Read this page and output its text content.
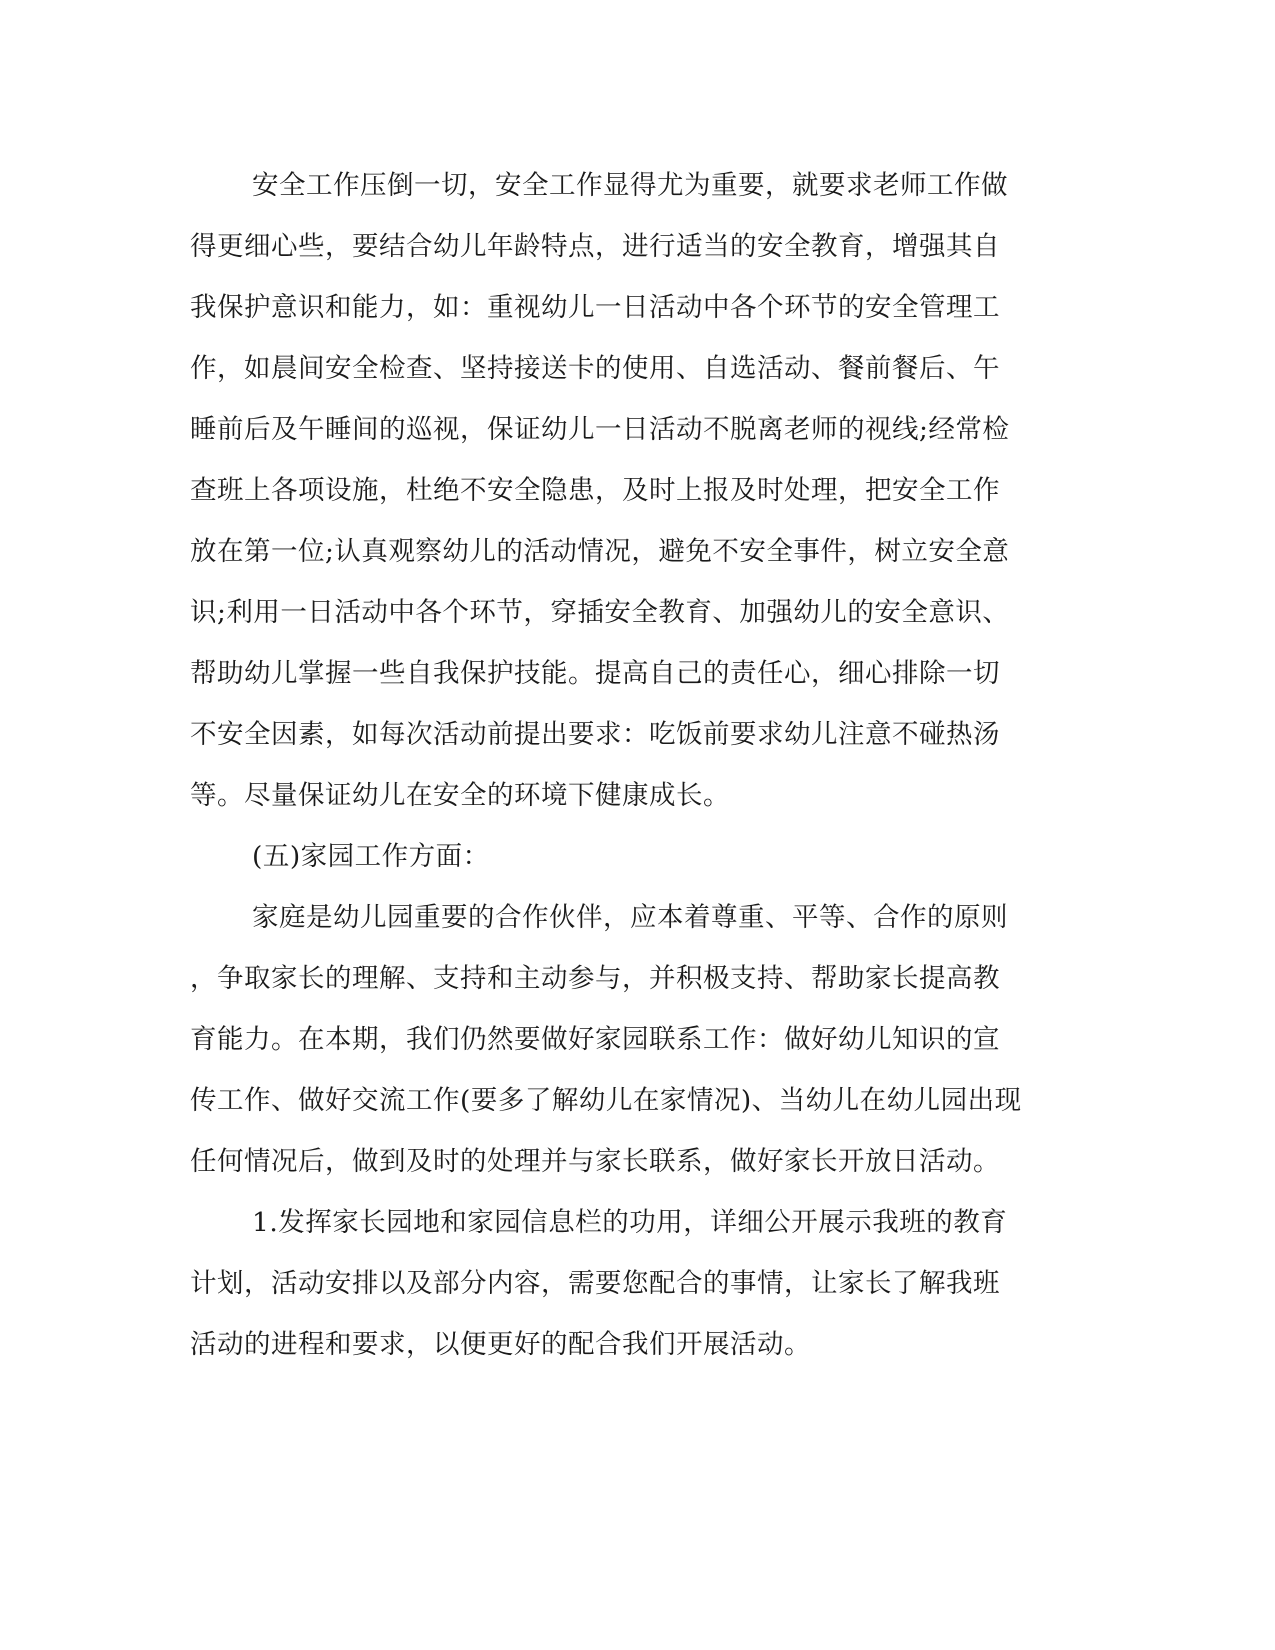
安全工作压倒一切，安全工作显得尤为重要，就要求老师工作做
得更细心些，要结合幼儿年龄特点，进行适当的安全教育，增强其自
我保护意识和能力，如：重视幼儿一日活动中各个环节的安全管理工
作，如晨间安全检查、坚持接送卡的使用、自选活动、餐前餐后、午
睡前后及午睡间的巡视，保证幼儿一日活动不脱离老师的视线;经常检
查班上各项设施，杜绝不安全隐患，及时上报及时处理，把安全工作
放在第一位;认真观察幼儿的活动情况，避免不安全事件，树立安全意
识;利用一日活动中各个环节，穿插安全教育、加强幼儿的安全意识、
帮助幼儿掌握一些自我保护技能。提高自己的责任心，细心排除一切
不安全因素，如每次活动前提出要求：吃饭前要求幼儿注意不碰热汤
等。尽量保证幼儿在安全的环境下健康成长。
(五)家园工作方面：
家庭是幼儿园重要的合作伙伴，应本着尊重、平等、合作的原则
，争取家长的理解、支持和主动参与，并积极支持、帮助家长提高教
育能力。在本期，我们仍然要做好家园联系工作：做好幼儿知识的宣
传工作、做好交流工作(要多了解幼儿在家情况)、当幼儿在幼儿园出现
任何情况后，做到及时的处理并与家长联系，做好家长开放日活动。
1.发挥家长园地和家园信息栏的功用，详细公开展示我班的教育
计划，活动安排以及部分内容，需要您配合的事情，让家长了解我班
活动的进程和要求，以便更好的配合我们开展活动。
